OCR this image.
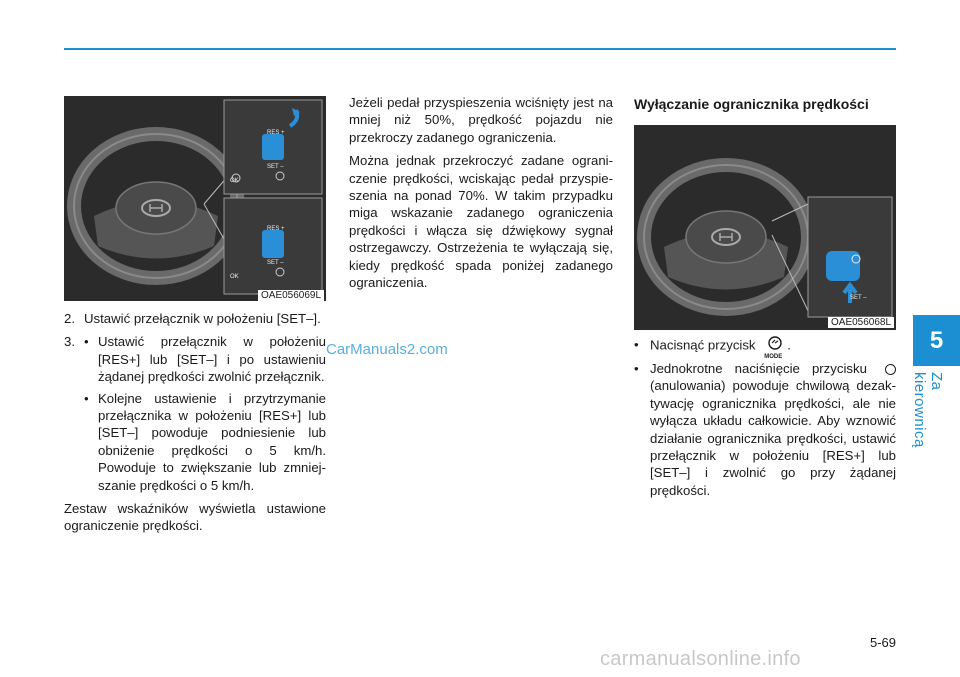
RES +
SET –
OK
RES +
SET –
OK
OAE056069L	SET –
OAE056068L
2. Ustawić przełącznik w położeniu [SET–].
3. • Ustawić przełącznik w położeniu [RES+] lub [SET–] i po ustawieniu żądanej prędkości zwolnić przełącznik.
• Kolejne ustawienie i przytrzymanie przełącznika w położeniu [RES+] lub [SET–] powoduje podniesienie lub obniżenie prędkości o 5 km/h. Powoduje to zwiększanie lub zmniejszanie prędkości o 5 km/h.

Zestaw wskaźników wyświetla ustawione ograniczenie prędkości.

Jeżeli pedał przyspieszenia wciśnięty jest na mniej niż 50%, prędkość pojazdu nie przekroczy zadanego ograniczenia.

Można jednak przekroczyć zadane ograniczenie prędkości, wciskając pedał przyspieszenia na ponad 70%. W takim przypadku miga wskazanie zadanego ograniczenia prędkości i włącza się dźwiękowy sygnał ostrzegawczy. Ostrzeżenia te wyłączają się, kiedy prędkość spada poniżej zadanego ograniczenia.

Wyłączanie ogranicznika prędkości
• Nacisnąć przycisk
MODE
.
• Jednokrotne naciśnięcie przycisku  (anulowania) powoduje chwilową dezaktywację ogranicznika prędkości, ale nie wyłącza układu całkowicie. Aby wznowić działanie ogranicznika prędkości, ustawić przełącznik w położeniu [RES+] lub [SET–] i zwolnić go przy żądanej prędkości.
5
Za kierownicą
5-69
CarManuals2.com
carmanualsonline.info
